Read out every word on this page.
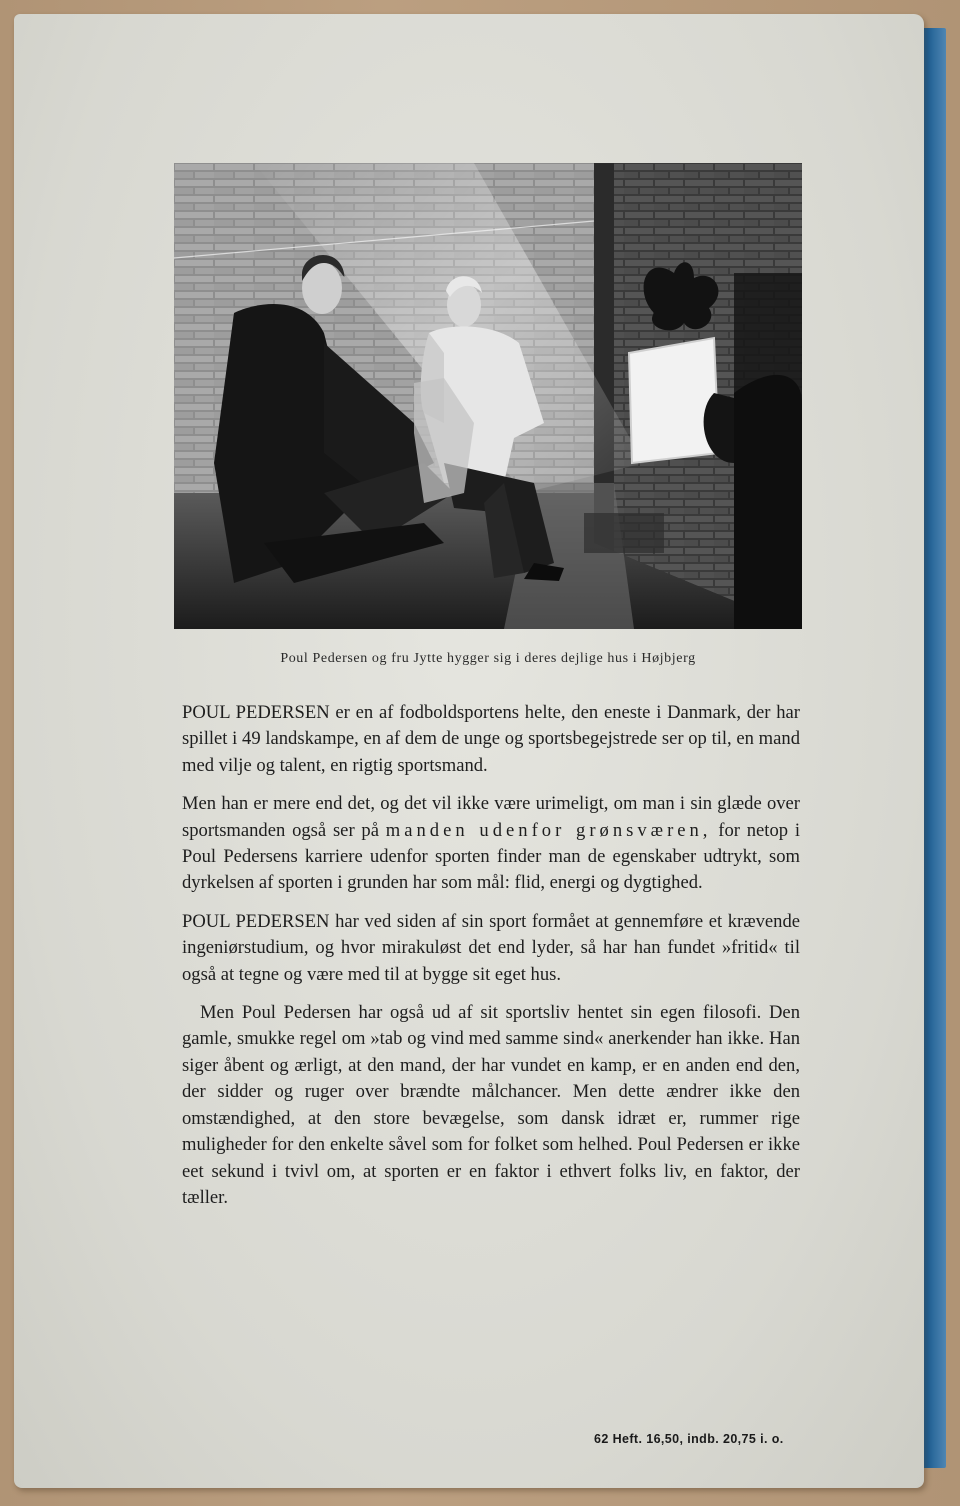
Poul Pedersen og fru Jytte hygger sig i deres dejlige hus i Højbjerg

POUL PEDERSEN er en af fodboldsportens helte, den eneste i Danmark, der har spillet i 49 landskampe, en af dem de unge og sportsbegejstrede ser op til, en mand med vilje og talent, en rigtig sportsmand.

Men han er mere end det, og det vil ikke være urimeligt, om man i sin glæde over sportsmanden også ser på manden udenfor grønsværen, for netop i Poul Pedersens karriere udenfor sporten finder man de egenskaber udtrykt, som dyrkelsen af sporten i grunden har som mål: flid, energi og dygtighed.

POUL PEDERSEN har ved siden af sin sport formået at gennemføre et krævende ingeniørstudium, og hvor mirakuløst det end lyder, så har han fundet »fritid« til også at tegne og være med til at bygge sit eget hus.

Men Poul Pedersen har også ud af sit sportsliv hentet sin egen filosofi. Den gamle, smukke regel om »tab og vind med samme sind« anerkender han ikke. Han siger åbent og ærligt, at den mand, der har vundet en kamp, er en anden end den, der sidder og ruger over brændte målchancer. Men dette ændrer ikke den omstændighed, at den store bevægelse, som dansk idræt er, rummer rige muligheder for den enkelte såvel som for folket som helhed. Poul Pedersen er ikke eet sekund i tvivl om, at sporten er en faktor i ethvert folks liv, en faktor, der tæller.

62 Heft. 16,50, indb. 20,75 i. o.
